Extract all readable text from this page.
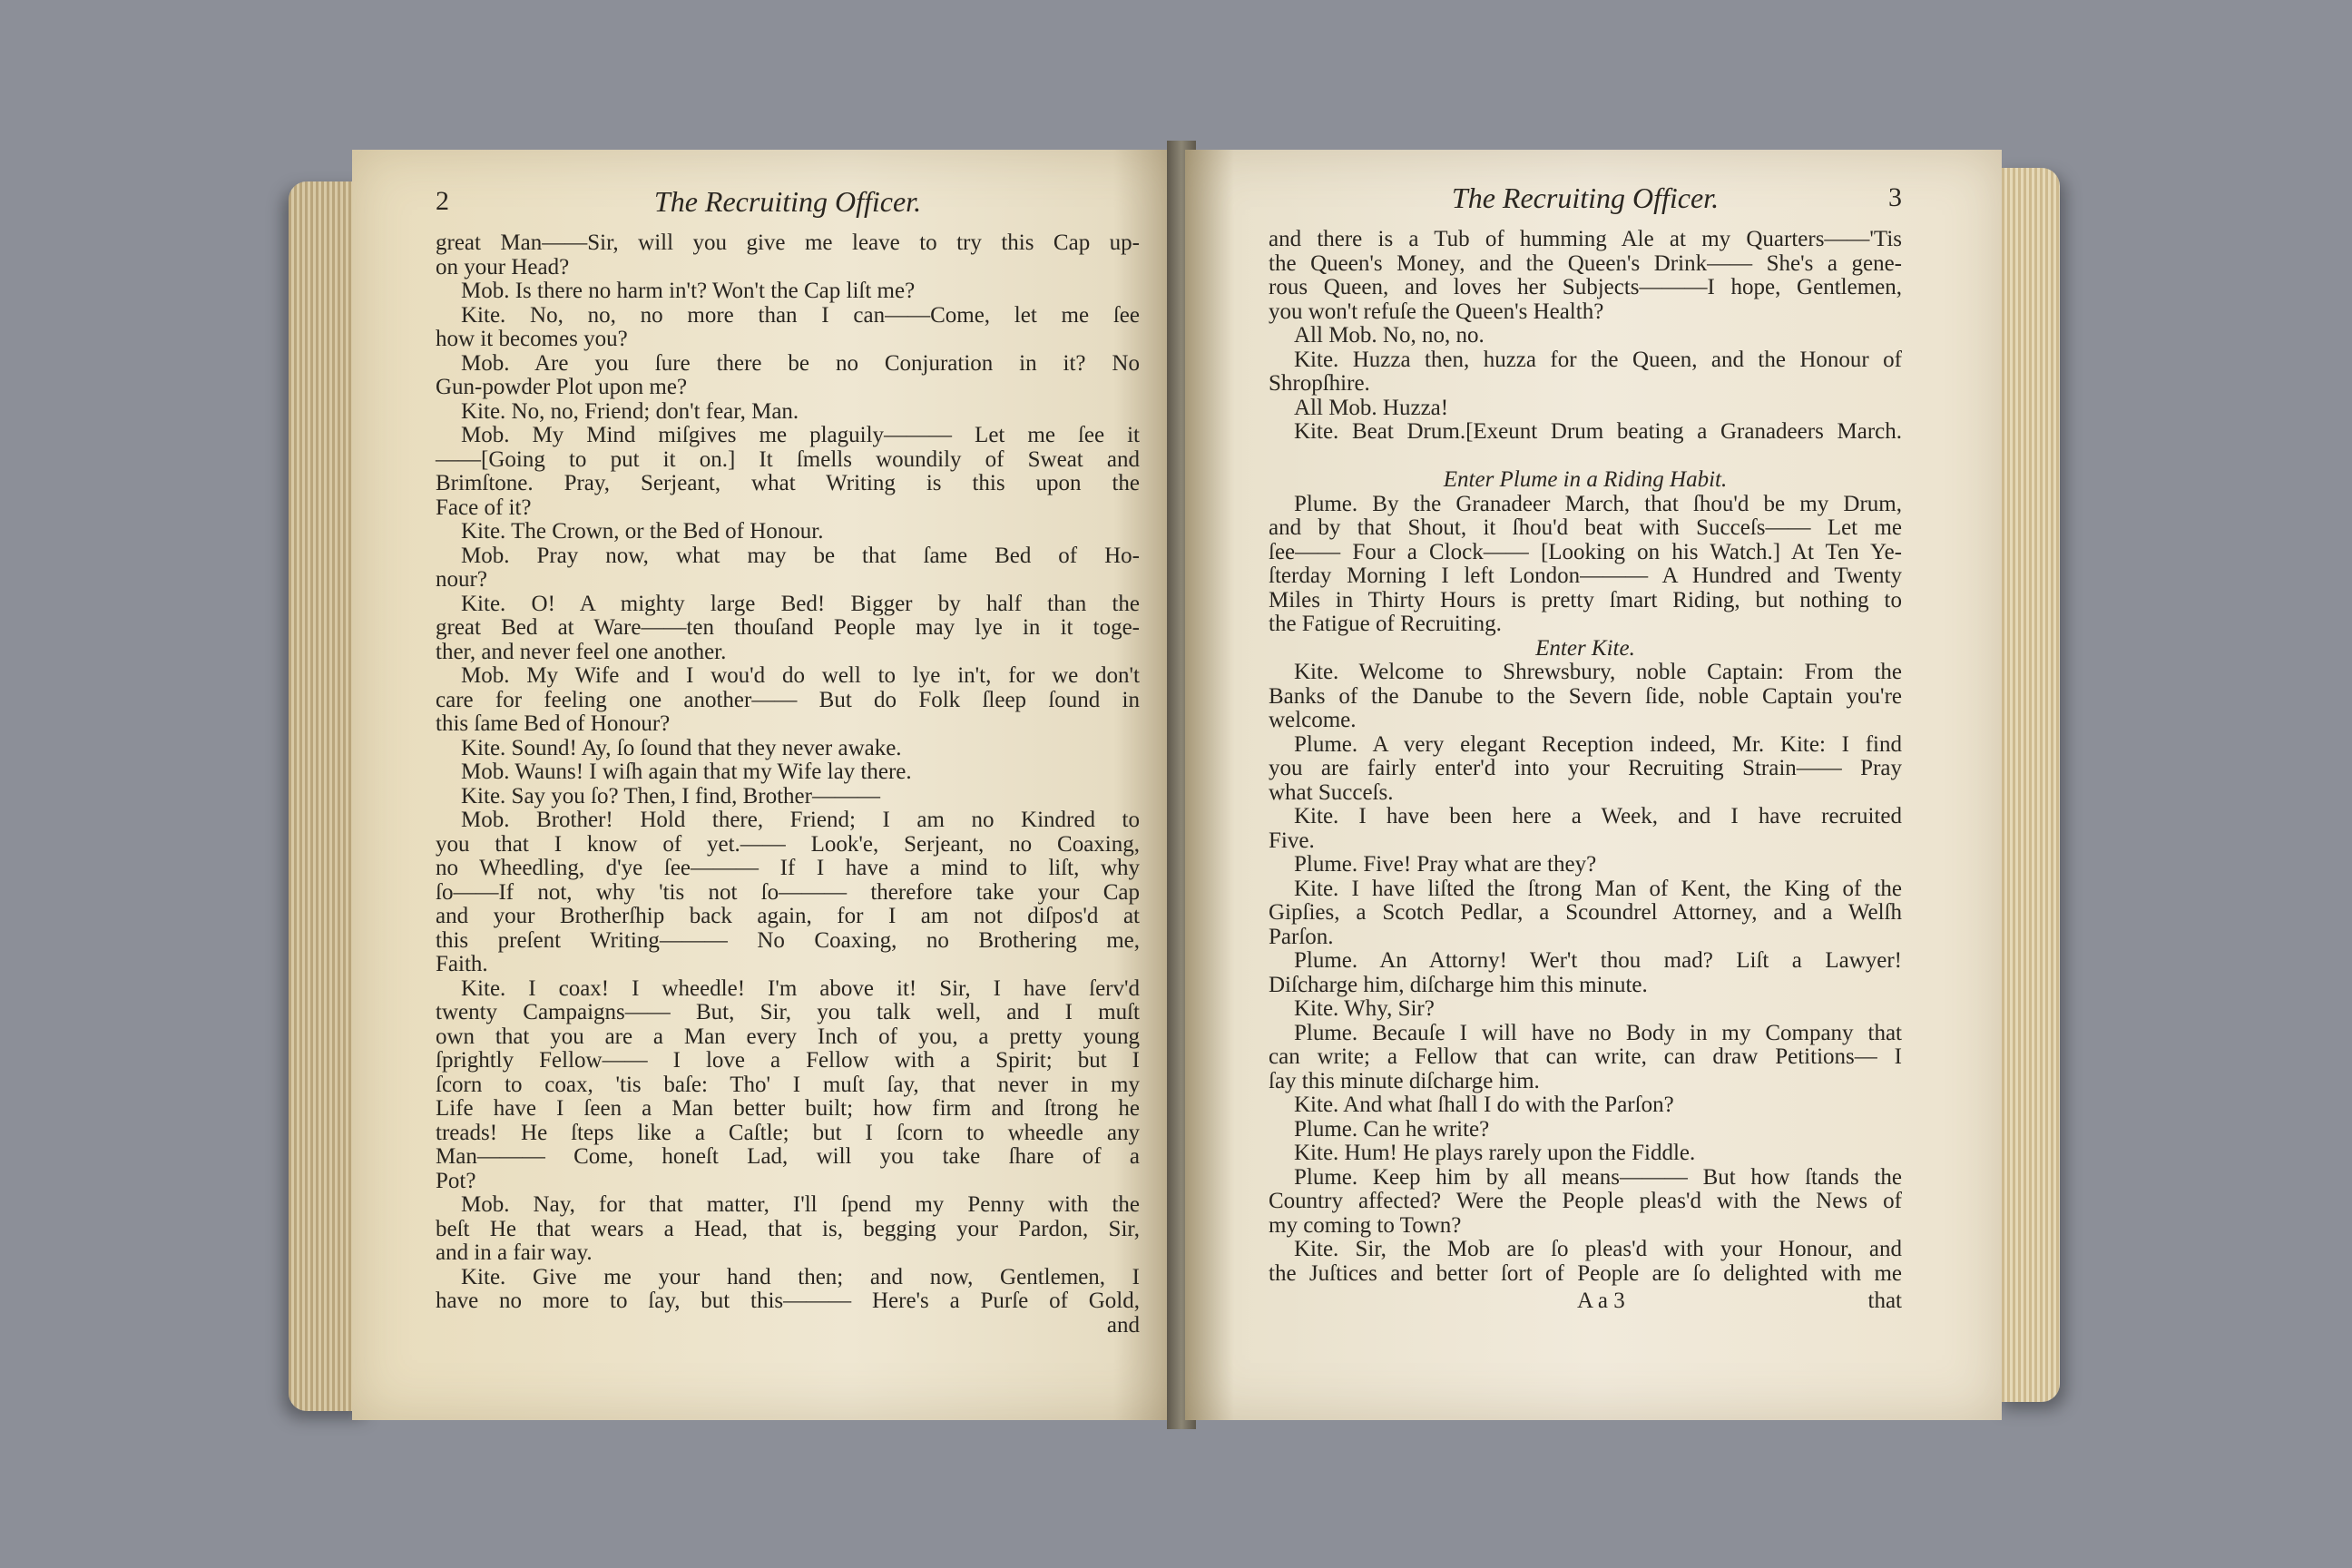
2	The Recruiting Officer.
great Man——Sir, will you give me leave to try this Cap up-
on your Head?
Mob. Is there no harm in't? Won't the Cap liſt me?
Kite. No, no, no more than I can——Come, let me ſee
how it becomes you?
Mob. Are you ſure there be no Conjuration in it? No
Gun-powder Plot upon me?
Kite. No, no, Friend; don't fear, Man.
Mob. My Mind miſgives me plaguily——— Let me ſee it
——[Going to put it on.] It ſmells woundily of Sweat and
Brimſtone. Pray, Serjeant, what Writing is this upon the
Face of it?
Kite. The Crown, or the Bed of Honour.
Mob. Pray now, what may be that ſame Bed of Ho-
nour?
Kite. O! A mighty large Bed! Bigger by half than the
great Bed at Ware——ten thouſand People may lye in it toge-
ther, and never feel one another.
Mob. My Wife and I wou'd do well to lye in't, for we don't
care for feeling one another—— But do Folk ſleep ſound in
this ſame Bed of Honour?
Kite. Sound! Ay, ſo ſound that they never awake.
Mob. Wauns! I wiſh again that my Wife lay there.
Kite. Say you ſo? Then, I find, Brother———
Mob. Brother! Hold there, Friend; I am no Kindred to
you that I know of yet.—— Look'e, Serjeant, no Coaxing,
no Wheedling, d'ye ſee——— If I have a mind to liſt, why
ſo——If not, why 'tis not ſo——— therefore take your Cap
and your Brotherſhip back again, for I am not diſpos'd at
this preſent Writing——— No Coaxing, no Brothering me,
Faith.
Kite. I coax! I wheedle! I'm above it! Sir, I have ſerv'd
twenty Campaigns—— But, Sir, you talk well, and I muſt
own that you are a Man every Inch of you, a pretty young
ſprightly Fellow—— I love a Fellow with a Spirit; but I
ſcorn to coax, 'tis baſe: Tho' I muſt ſay, that never in my
Life have I ſeen a Man better built; how firm and ſtrong he
treads! He ſteps like a Caſtle; but I ſcorn to wheedle any
Man——— Come, honeſt Lad, will you take ſhare of a
Pot?
Mob. Nay, for that matter, I'll ſpend my Penny with the
beſt He that wears a Head, that is, begging your Pardon, Sir,
and in a fair way.
Kite. Give me your hand then; and now, Gentlemen, I
have no more to ſay, but this——— Here's a Purſe of Gold,
and
3
The Recruiting Officer.
and there is a Tub of humming Ale at my Quarters——'Tis
the Queen's Money, and the Queen's Drink—— She's a gene-
rous Queen, and loves her Subjects———I hope, Gentlemen,
you won't refuſe the Queen's Health?
All Mob. No, no, no.
Kite. Huzza then, huzza for the Queen, and the Honour of
Shropſhire.
All Mob. Huzza!
Kite. Beat Drum.[Exeunt Drum beating a Granadeers March.

Enter Plume in a Riding Habit.
Plume. By the Granadeer March, that ſhou'd be my Drum,
and by that Shout, it ſhou'd beat with Succeſs—— Let me
ſee—— Four a Clock—— [Looking on his Watch.] At Ten Ye-
ſterday Morning I left London——— A Hundred and Twenty
Miles in Thirty Hours is pretty ſmart Riding, but nothing to
the Fatigue of Recruiting.
Enter Kite.
Kite. Welcome to Shrewsbury, noble Captain: From the
Banks of the Danube to the Severn ſide, noble Captain you're
welcome.
Plume. A very elegant Reception indeed, Mr. Kite: I find
you are fairly enter'd into your Recruiting Strain—— Pray
what Succeſs.
Kite. I have been here a Week, and I have recruited
Five.
Plume. Five! Pray what are they?
Kite. I have liſted the ſtrong Man of Kent, the King of the
Gipſies, a Scotch Pedlar, a Scoundrel Attorney, and a Welſh
Parſon.
Plume. An Attorny! Wer't thou mad? Liſt a Lawyer!
Diſcharge him, diſcharge him this minute.
Kite. Why, Sir?
Plume. Becauſe I will have no Body in my Company that
can write; a Fellow that can write, can draw Petitions— I
ſay this minute diſcharge him.
Kite. And what ſhall I do with the Parſon?
Plume. Can he write?
Kite. Hum! He plays rarely upon the Fiddle.
Plume. Keep him by all means——— But how ſtands the
Country affected? Were the People pleas'd with the News of
my coming to Town?
Kite. Sir, the Mob are ſo pleas'd with your Honour, and
the Juſtices and better ſort of People are ſo delighted with me
A a 3	that
